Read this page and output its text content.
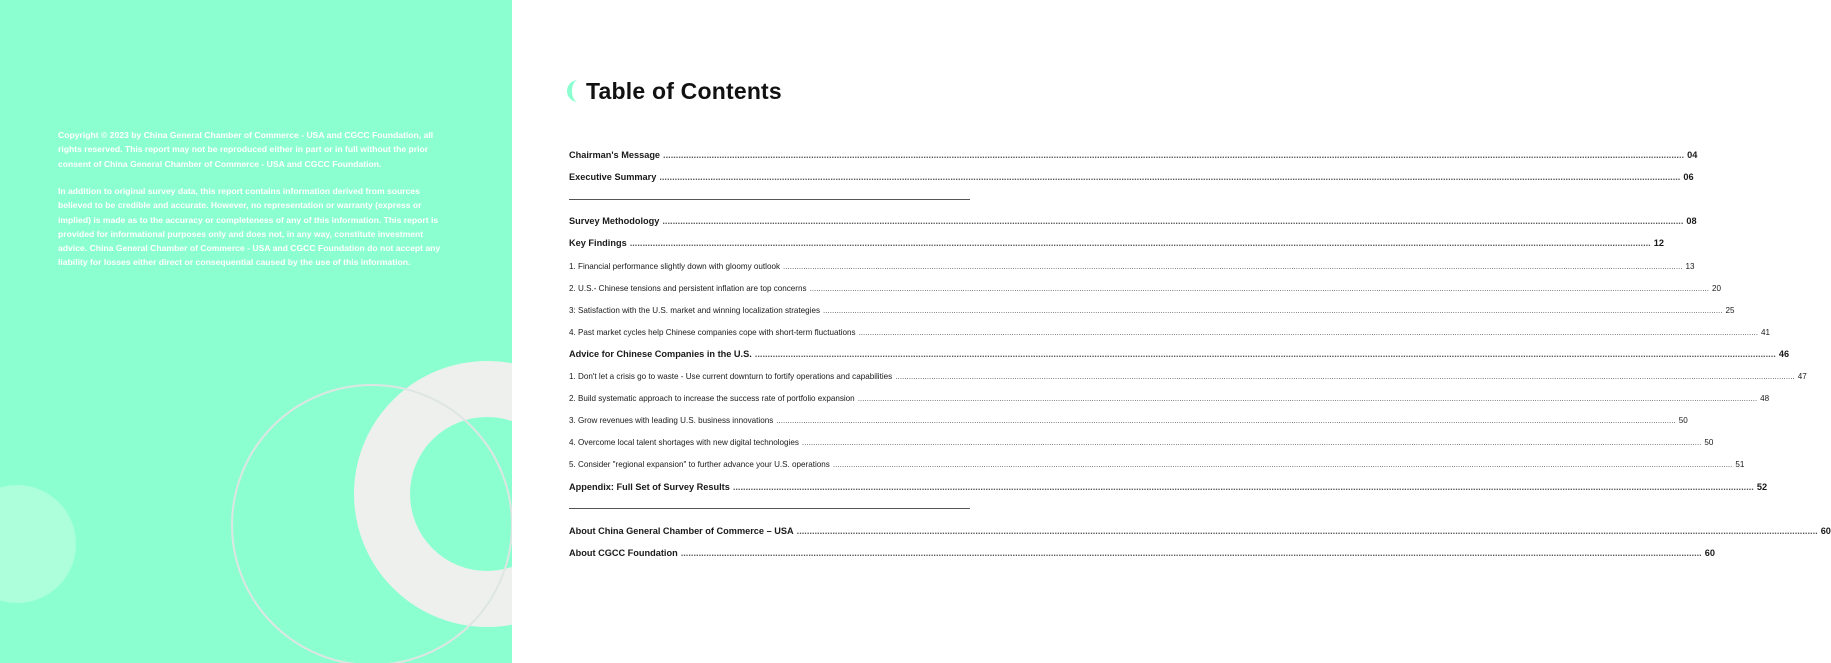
Copyright © 2023 by China General Chamber of Commerce - USA and CGCC Foundation, all rights reserved. This report may not be reproduced either in part or in full without the prior consent of China General Chamber of Commerce - USA and CGCC Foundation.

In addition to original survey data, this report contains information derived from sources believed to be credible and accurate. However, no representation or warranty (express or implied) is made as to the accuracy or completeness of any of this information. This report is provided for informational purposes only and does not, in any way, constitute investment advice. China General Chamber of Commerce - USA and CGCC Foundation do not accept any liability for losses either direct or consequential caused by the use of this information.

Table of Contents
Chairman's Message ................................................................................................................................................................................................................................................................................................................................................................................................................ 04
Executive Summary ................................................................................................................................................................................................................................................................................................................................................................................................................ 06
Survey Methodology ................................................................................................................................................................................................................................................................................................................................................................................................................ 08
Key Findings ................................................................................................................................................................................................................................................................................................................................................................................................................ 12
1. Financial performance slightly down with gloomy outlook ................................................................................................................................................................................................................................................................................................................................................................................................................ 13
2. U.S.- Chinese tensions and persistent inflation are top concerns ................................................................................................................................................................................................................................................................................................................................................................................................................ 20
3: Satisfaction with the U.S. market and winning localization strategies ................................................................................................................................................................................................................................................................................................................................................................................................................ 25
4. Past market cycles help Chinese companies cope with short-term fluctuations ................................................................................................................................................................................................................................................................................................................................................................................................................ 41
Advice for Chinese Companies in the U.S. ................................................................................................................................................................................................................................................................................................................................................................................................................ 46
1. Don't let a crisis go to waste - Use current downturn to fortify operations and capabilities ................................................................................................................................................................................................................................................................................................................................................................................................................ 47
2. Build systematic approach to increase the success rate of portfolio expansion ................................................................................................................................................................................................................................................................................................................................................................................................................ 48
3. Grow revenues with leading U.S. business innovations ................................................................................................................................................................................................................................................................................................................................................................................................................ 50
4. Overcome local talent shortages with new digital technologies ................................................................................................................................................................................................................................................................................................................................................................................................................ 50
5. Consider "regional expansion" to further advance your U.S. operations ................................................................................................................................................................................................................................................................................................................................................................................................................ 51
Appendix: Full Set of Survey Results ................................................................................................................................................................................................................................................................................................................................................................................................................ 52
About China General Chamber of Commerce – USA ................................................................................................................................................................................................................................................................................................................................................................................................................ 60
About CGCC Foundation ................................................................................................................................................................................................................................................................................................................................................................................................................ 60
